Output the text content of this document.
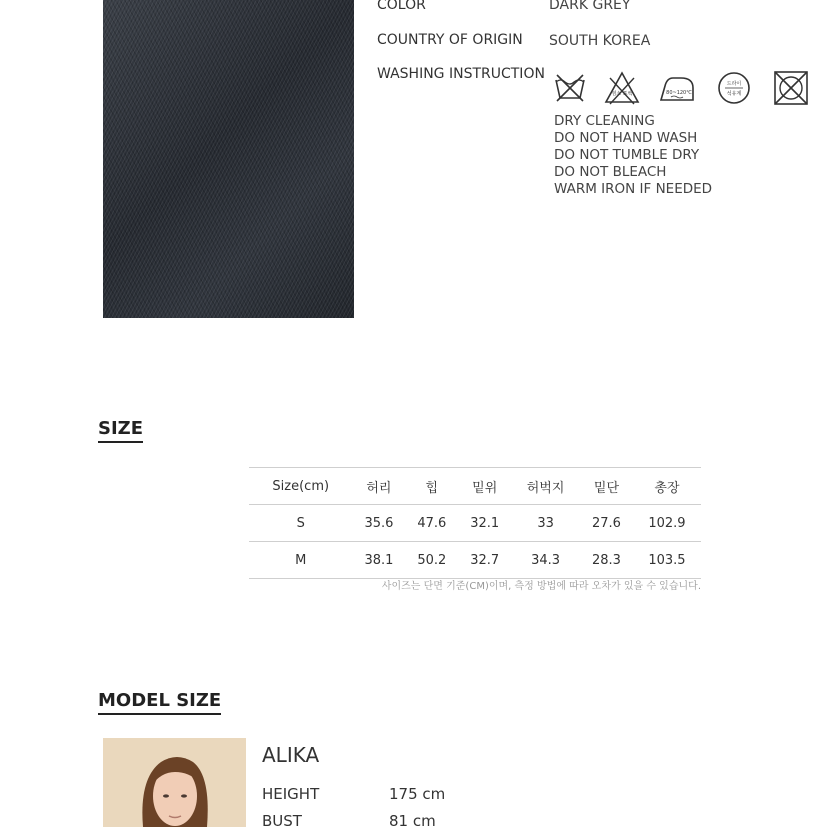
COLOR	DARK GREY
COUNTRY OF ORIGIN SOUTH KOREA
WASHING INSTRUCTION
염소 표백	80~120℃
드라이
석유계
DRY CLEANING
DO NOT HAND WASH
DO NOT TUMBLE DRY
DO NOT BLEACH
WARM IRON IF NEEDED
SIZE
Size(cm)	허리	힙	밑위	허벅지	밑단	총장
S	35.6	47.6	32.1	33	27.6	102.9
M	38.1	50.2	32.7	34.3	28.3	103.5
사이즈는 단면 기준(CM)이며, 측정 방법에 따라 오차가 있을 수 있습니다.
MODEL SIZE
ALIKA
HEIGHT	175 cm
BUST	81 cm
